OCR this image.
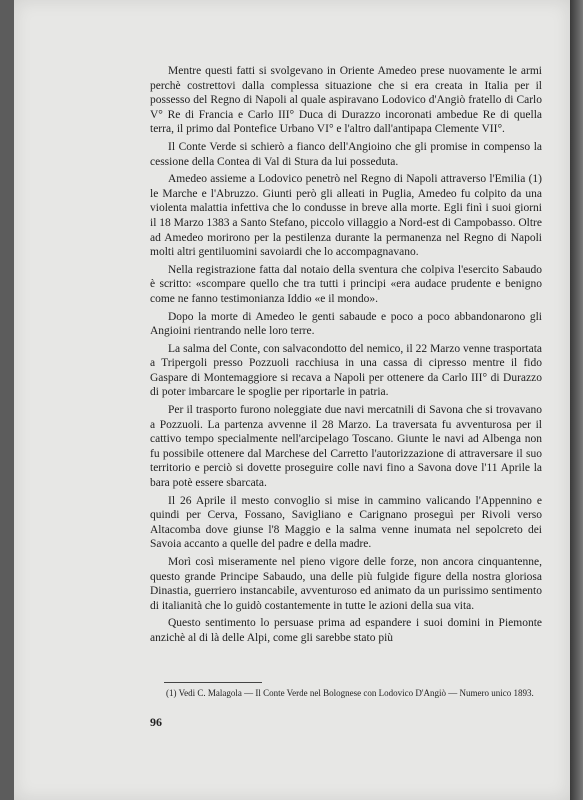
Mentre questi fatti si svolgevano in Oriente Amedeo prese nuovamente le armi perchè costrettovi dalla complessa situazione che si era creata in Italia per il possesso del Regno di Napoli al quale aspiravano Lodovico d'Angiò fratello di Carlo V° Re di Francia e Carlo III° Duca di Durazzo incoronati ambedue Re di quella terra, il primo dal Pontefice Urbano VI° e l'altro dall'antipapa Clemente VII°.

Il Conte Verde si schierò a fianco dell'Angioino che gli promise in compenso la cessione della Contea di Val di Stura da lui posseduta.

Amedeo assieme a Lodovico penetrò nel Regno di Napoli attraverso l'Emilia (1) le Marche e l'Abruzzo. Giunti però gli alleati in Puglia, Amedeo fu colpito da una violenta malattia infettiva che lo condusse in breve alla morte. Egli finì i suoi giorni il 18 Marzo 1383 a Santo Stefano, piccolo villaggio a Nord-est di Campobasso. Oltre ad Amedeo morirono per la pestilenza durante la permanenza nel Regno di Napoli molti altri gentiluomini savoiardi che lo accompagnavano.

Nella registrazione fatta dal notaio della sventura che colpiva l'esercito Sabaudo è scritto: «scompare quello che tra tutti i principi «era audace prudente e benigno come ne fanno testimonianza Iddio «e il mondo».

Dopo la morte di Amedeo le genti sabaude e poco a poco abbandonarono gli Angioini rientrando nelle loro terre.

La salma del Conte, con salvacondotto del nemico, il 22 Marzo venne trasportata a Tripergoli presso Pozzuoli racchiusa in una cassa di cipresso mentre il fido Gaspare di Montemaggiore si recava a Napoli per ottenere da Carlo III° di Durazzo di poter imbarcare le spoglie per riportarle in patria.

Per il trasporto furono noleggiate due navi mercatnili di Savona che si trovavano a Pozzuoli. La partenza avvenne il 28 Marzo. La traversata fu avventurosa per il cattivo tempo specialmente nell'arcipelago Toscano. Giunte le navi ad Albenga non fu possibile ottenere dal Marchese del Carretto l'autorizzazione di attraversare il suo territorio e perciò si dovette proseguire colle navi fino a Savona dove l'11 Aprile la bara potè essere sbarcata.

Il 26 Aprile il mesto convoglio si mise in cammino valicando l'Appennino e quindi per Cerva, Fossano, Savigliano e Carignano proseguì per Rivoli verso Altacomba dove giunse l'8 Maggio e la salma venne inumata nel sepolcreto dei Savoia accanto a quelle del padre e della madre.

Morì così miseramente nel pieno vigore delle forze, non ancora cinquantenne, questo grande Principe Sabaudo, una delle più fulgide figure della nostra gloriosa Dinastia, guerriero instancabile, avventuroso ed animato da un purissimo sentimento di italianità che lo guidò costantemente in tutte le azioni della sua vita.

Questo sentimento lo persuase prima ad espandere i suoi domini in Piemonte anzichè al di là delle Alpi, come gli sarebbe stato più

(1) Vedi C. Malagola — Il Conte Verde nel Bolognese con Lodovico D'Angiò — Numero unico 1893.
96
